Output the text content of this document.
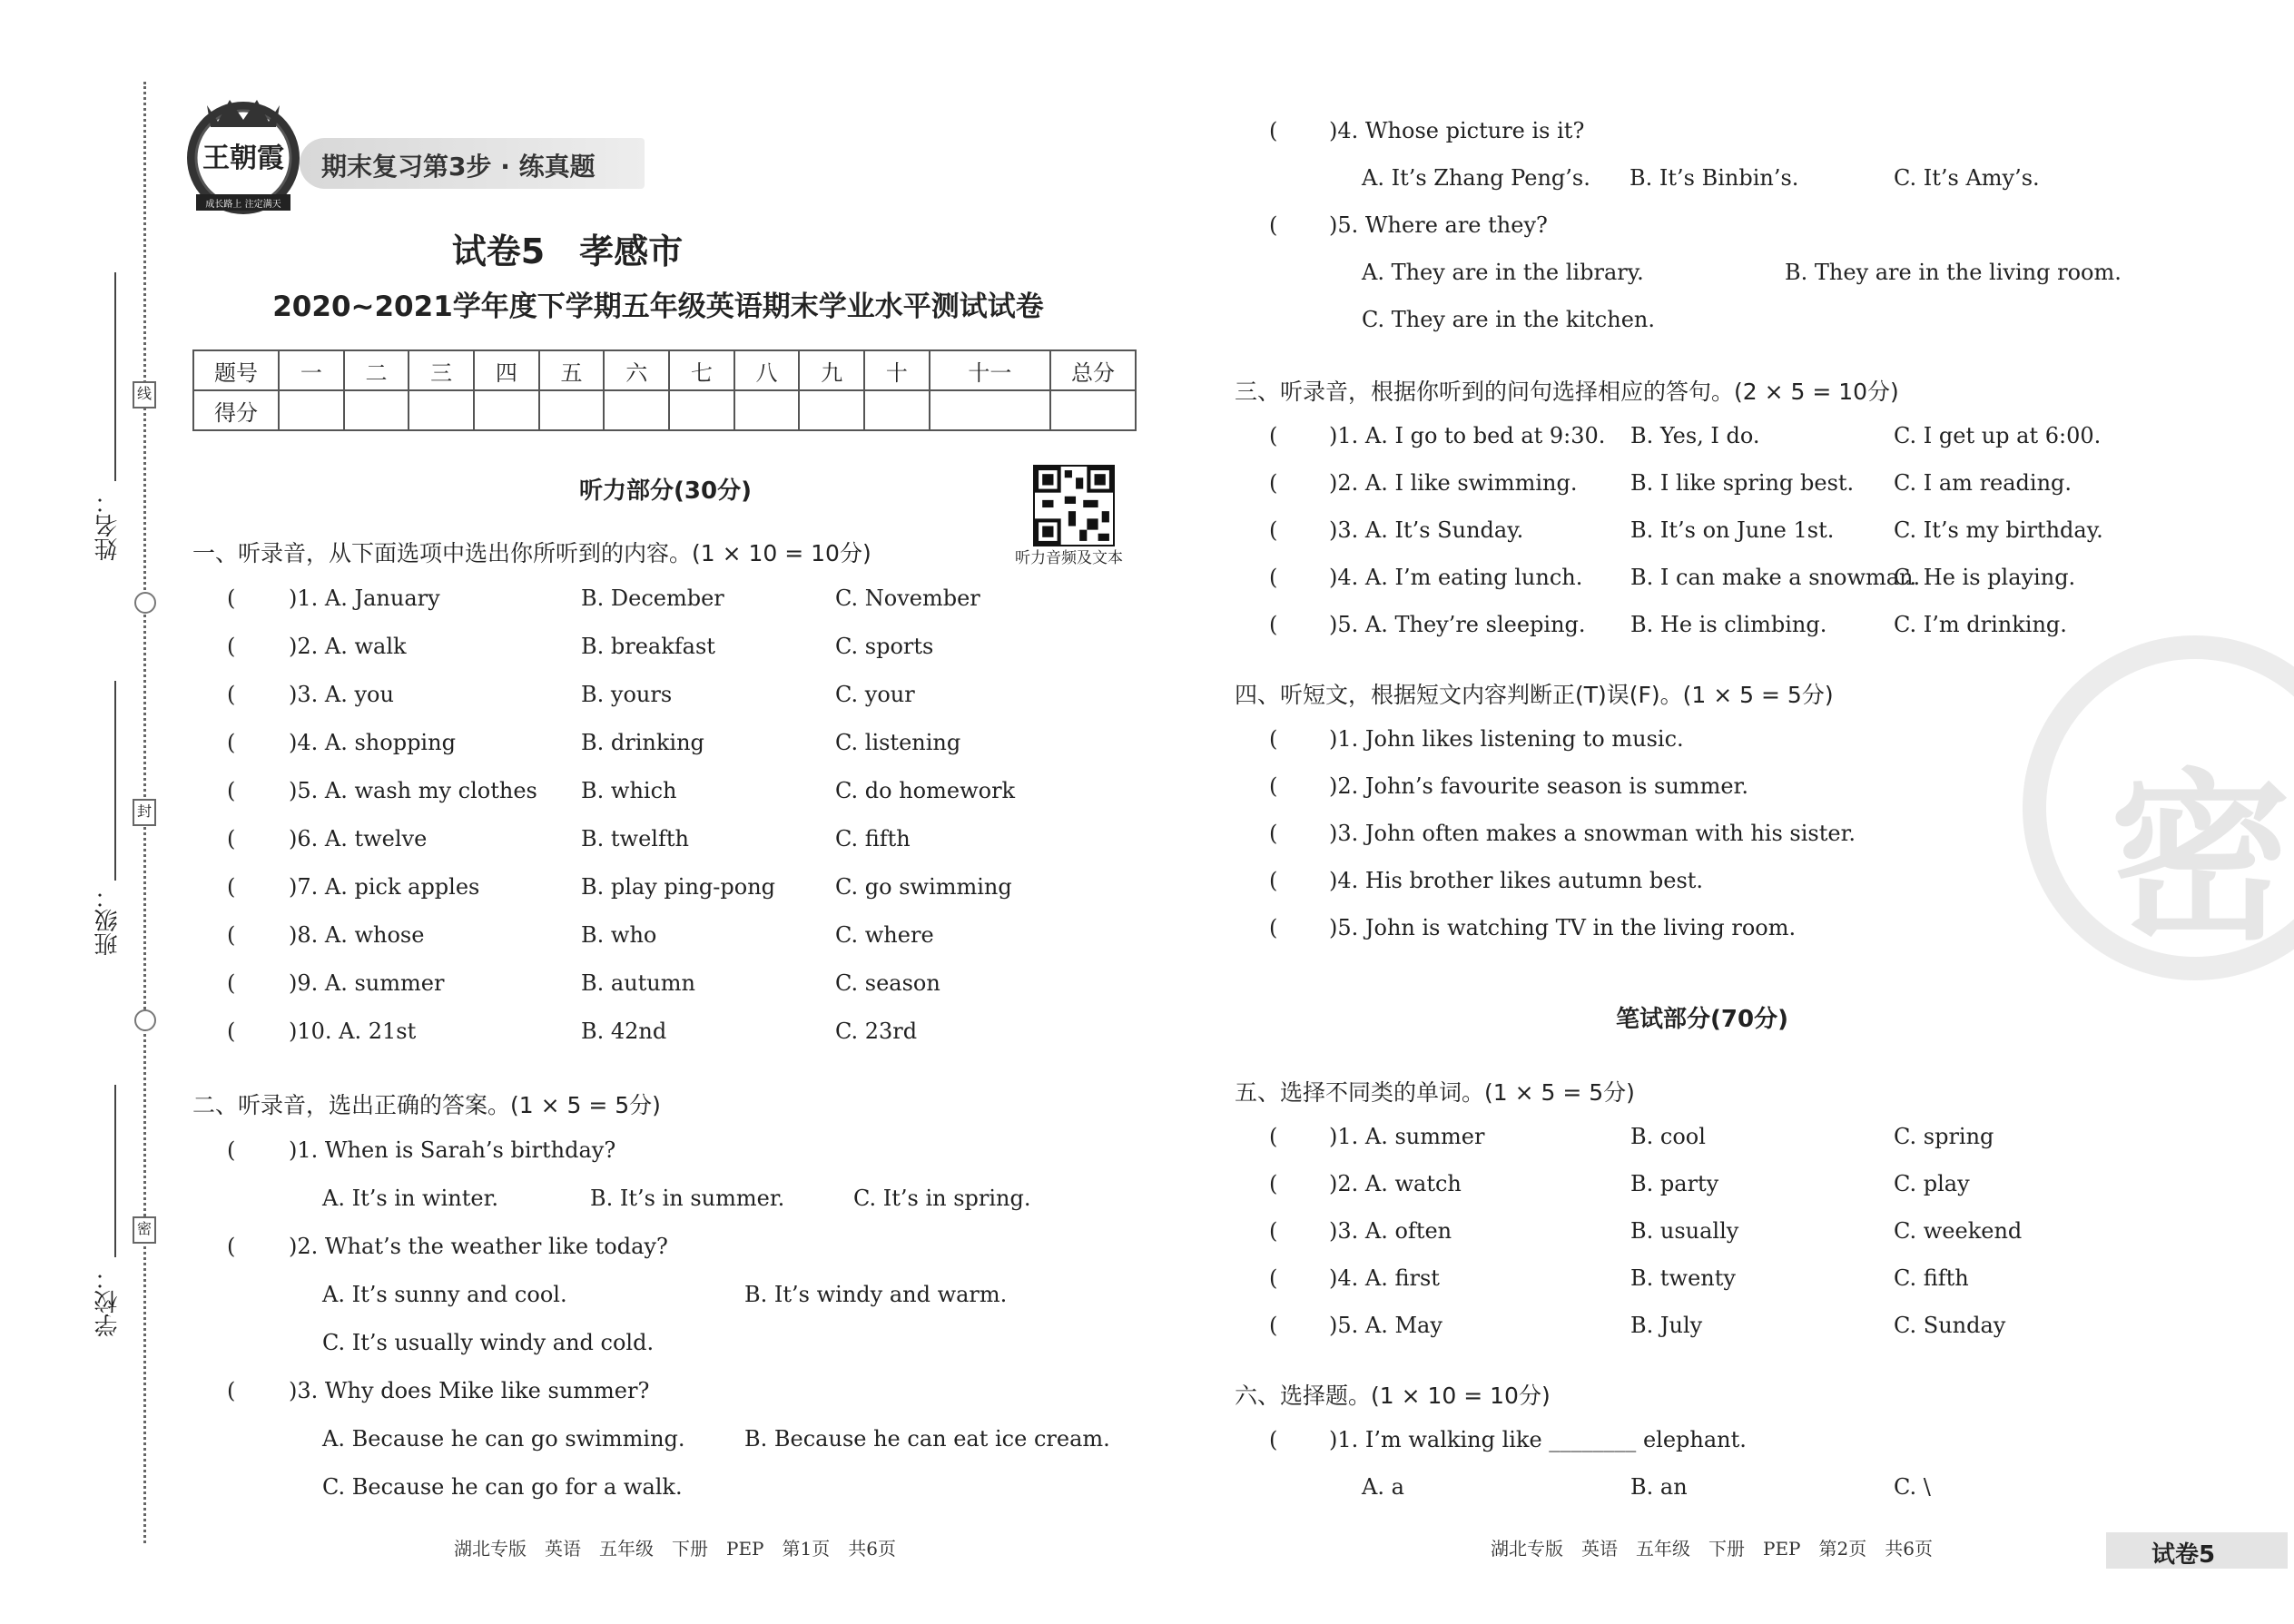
姓名：
班级：
学校：
线
封
密
期末复习第3步 · 练真题
王朝霞
成长路上 注定满天
试卷5　孝感市
2020~2021学年度下学期五年级英语期末学业水平测试试卷
题号	一	二	三	四	五	六	七	八	九	十	十一	总分
得分												
听力部分(30分)
听力音频及文本
一、听录音，从下面选项中选出你所听到的内容。(1 × 10 = 10分)
( )1. A. January	B. December	C. November
( )2. A. walk	B. breakfast	C. sports
( )3. A. you	B. yours	C. your
( )4. A. shopping	B. drinking	C. listening
( )5. A. wash my clothes B. which	C. do homework
( )6. A. twelve	B. twelfth	C. fifth
( )7. A. pick apples	B. play ping-pong	C. go swimming
( )8. A. whose	B. who	C. where
( )9. A. summer	B. autumn	C. season
( )10. A. 21st	B. 42nd	C. 23rd
二、听录音，选出正确的答案。(1 × 5 = 5分)
( )1. When is Sarah’s birthday?
A. It’s in winter.	B. It’s in summer.	C. It’s in spring.
( )2. What’s the weather like today?
A. It’s sunny and cool.	B. It’s windy and warm.
C. It’s usually windy and cold.
( )3. Why does Mike like summer?
A. Because he can go swimming.	B. Because he can eat ice cream.
C. Because he can go for a walk.
湖北专版　英语　五年级　下册　PEP　第1页　共6页
密
( )4. Whose picture is it?
A. It’s Zhang Peng’s. B. It’s Binbin’s.	C. It’s Amy’s.
( )5. Where are they?
A. They are in the library.	B. They are in the living room.
C. They are in the kitchen.
三、听录音，根据你听到的问句选择相应的答句。(2 × 5 = 10分)
( )1. A. I go to bed at 9:30. B. Yes, I do.	C. I get up at 6:00.
( )2. A. I like swimming. B. I like spring best. C. I am reading.
( )3. A. It’s Sunday.	B. It’s on June 1st.	C. It’s my birthday.
( )4. A. I’m eating lunch. B. I can make a snowman.
C. He is playing.
( )5. A. They’re sleeping. B. He is climbing.	C. I’m drinking.
四、听短文，根据短文内容判断正(T)误(F)。(1 × 5 = 5分)
( )1. John likes listening to music.
( )2. John’s favourite season is summer.
( )3. John often makes a snowman with his sister.
( )4. His brother likes autumn best.
( )5. John is watching TV in the living room.
笔试部分(70分)
五、选择不同类的单词。(1 × 5 = 5分)
( )1. A. summer	B. cool	C. spring
( )2. A. watch	B. party	C. play
( )3. A. often	B. usually	C. weekend
( )4. A. first	B. twenty	C. fifth
( )5. A. May	B. July	C. Sunday
六、选择题。(1 × 10 = 10分)
( )1. I’m walking like ________ elephant.
A. a	B. an	C. \
湖北专版　英语　五年级　下册　PEP　第2页　共6页	试卷5
